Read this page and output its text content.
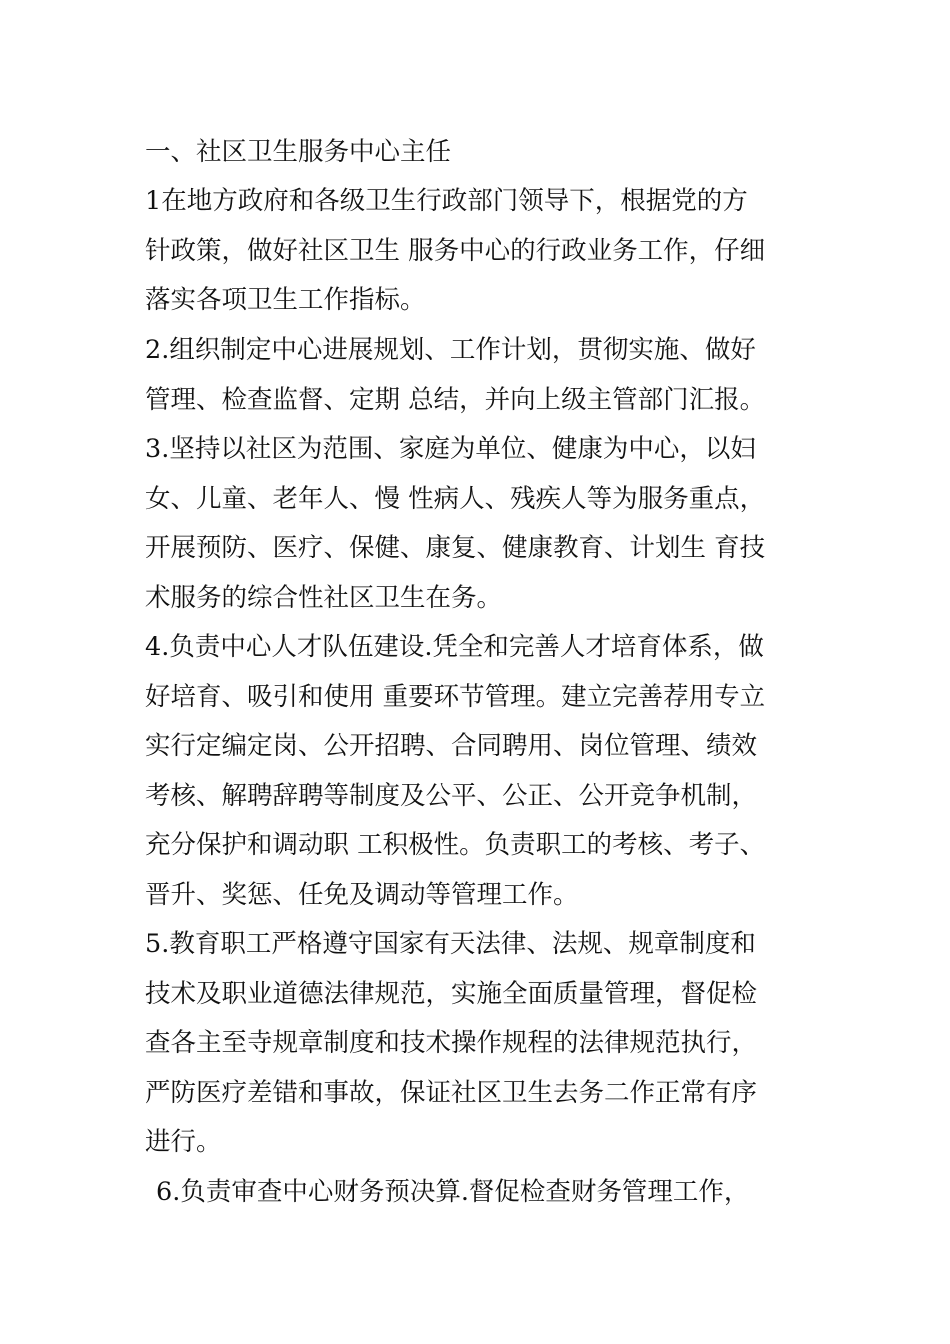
一、社区卫生服务中心主任
1在地方政府和各级卫生行政部门领导下，根据党的方
针政策，做好社区卫生 服务中心的行政业务工作，仔细
落实各项卫生工作指标。
2.组织制定中心进展规划、工作计划，贯彻实施、做好
管理、检查监督、定期 总结，并向上级主管部门汇报。
3.坚持以社区为范围、家庭为单位、健康为中心，以妇
女、儿童、老年人、慢 性病人、残疾人等为服务重点，
开展预防、医疗、保健、康复、健康教育、计划生 育技
术服务的综合性社区卫生在务。
4.负责中心人才队伍建设.凭全和完善人才培育体系，做
好培育、吸引和使用 重要环节管理。建立完善荐用专立
实行定编定岗、公开招聘、合同聘用、岗位管理、绩效
考核、解聘辞聘等制度及公平、公正、公开竞争机制，
充分保护和调动职 工积极性。负责职工的考核、考子、
晋升、奖惩、任免及调动等管理工作。
5.教育职工严格遵守国家有天法律、法规、规章制度和
技术及职业道德法律规范，实施全面质量管理，督促检
查各主至寺规章制度和技术操作规程的法律规范执行，
严防医疗差错和事故，保证社区卫生去务二作正常有序
进行。
6.负责审查中心财务预决算.督促检查财务管理工作，
